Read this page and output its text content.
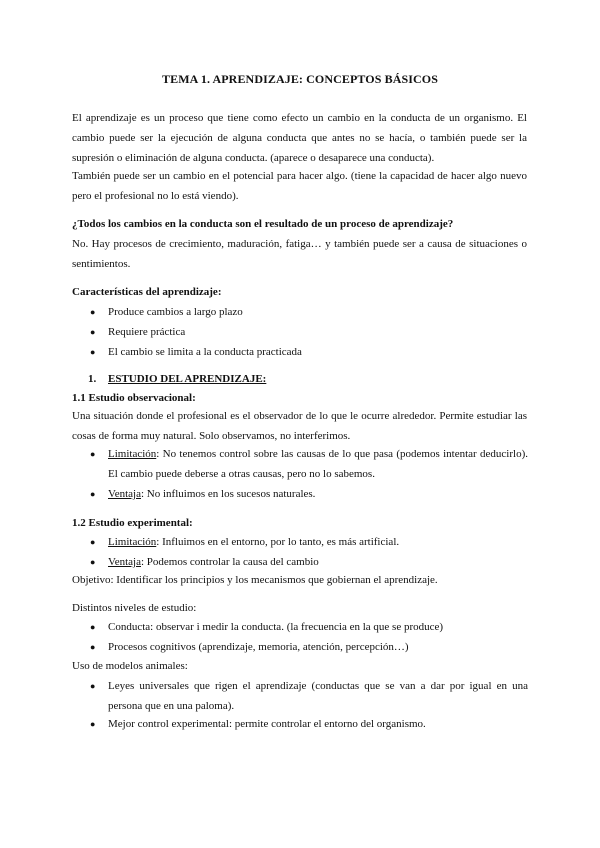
TEMA 1. APRENDIZAJE: CONCEPTOS BÁSICOS

El aprendizaje es un proceso que tiene como efecto un cambio en la conducta de un organismo. El cambio puede ser la ejecución de alguna conducta que antes no se hacía, o también puede ser la supresión o eliminación de alguna conducta. (aparece o desaparece una conducta).

También puede ser un cambio en el potencial para hacer algo. (tiene la capacidad de hacer algo nuevo pero el profesional no lo está viendo).

¿Todos los cambios en la conducta son el resultado de un proceso de aprendizaje?
No. Hay procesos de crecimiento, maduración, fatiga… y también puede ser a causa de situaciones o sentimientos.
Características del aprendizaje:
● Produce cambios a largo plazo
● Requiere práctica
● El cambio se limita a la conducta practicada
1. ESTUDIO DEL APRENDIZAJE:
1.1 Estudio observacional:
Una situación donde el profesional es el observador de lo que le ocurre alrededor. Permite estudiar las cosas de forma muy natural. Solo observamos, no interferimos.
● Limitación: No tenemos control sobre las causas de lo que pasa (podemos intentar deducirlo). El cambio puede deberse a otras causas, pero no lo sabemos.
● Ventaja: No influimos en los sucesos naturales.
1.2 Estudio experimental:
● Limitación: Influimos en el entorno, por lo tanto, es más artificial.
● Ventaja: Podemos controlar la causa del cambio
Objetivo: Identificar los principios y los mecanismos que gobiernan el aprendizaje.
Distintos niveles de estudio:
● Conducta: observar i medir la conducta. (la frecuencia en la que se produce)
● Procesos cognitivos (aprendizaje, memoria, atención, percepción…)
Uso de modelos animales:
● Leyes universales que rigen el aprendizaje (conductas que se van a dar por igual en una persona que en una paloma).
● Mejor control experimental: permite controlar el entorno del organismo.
